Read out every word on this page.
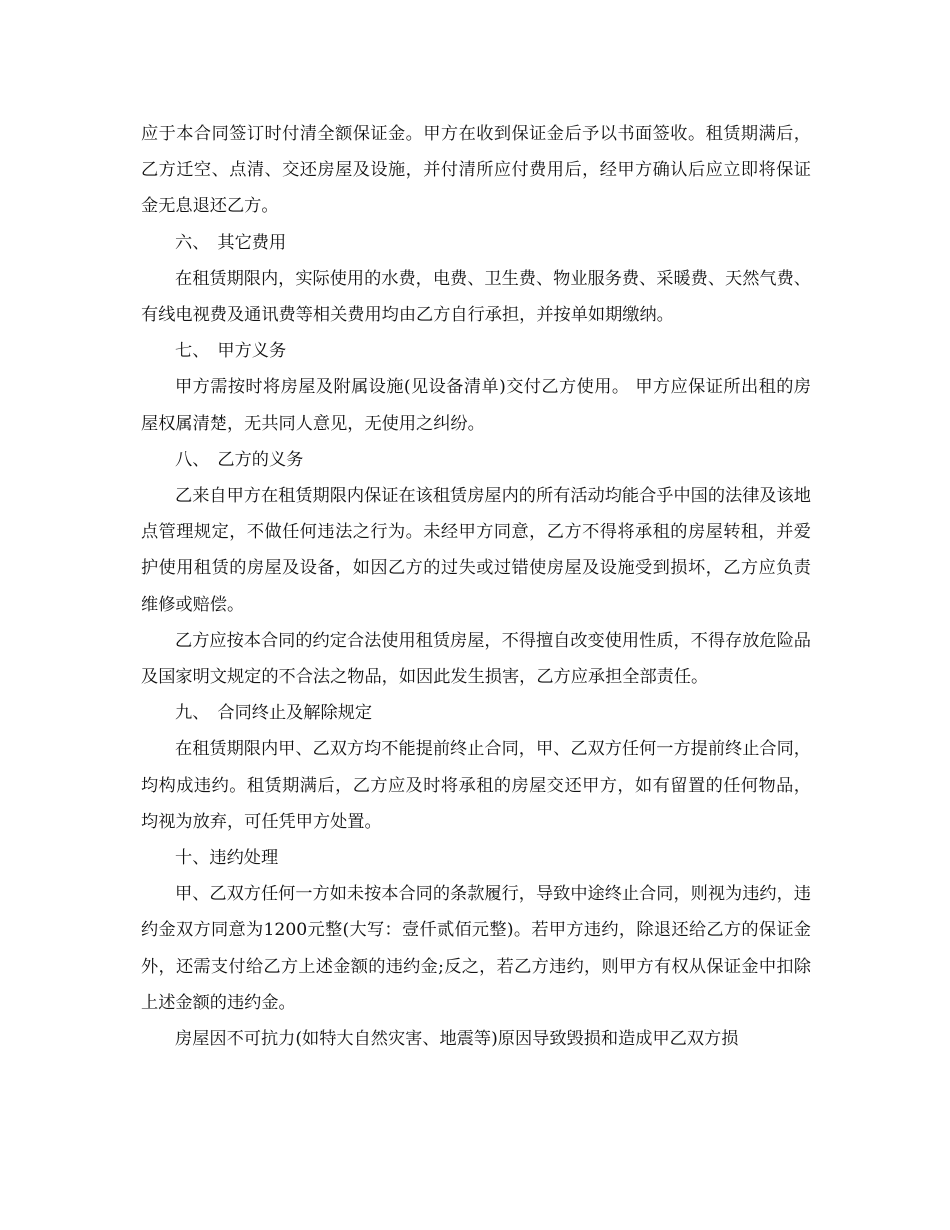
应于本合同签订时付清全额保证金。甲方在收到保证金后予以书面签收。租赁期满后，乙方迁空、点清、交还房屋及设施，并付清所应付费用后，经甲方确认后应立即将保证金无息退还乙方。

六、 其它费用

在租赁期限内，实际使用的水费，电费、卫生费、物业服务费、采暖费、天然气费、有线电视费及通讯费等相关费用均由乙方自行承担，并按单如期缴纳。

七、 甲方义务

甲方需按时将房屋及附属设施(见设备清单)交付乙方使用。 甲方应保证所出租的房屋权属清楚，无共同人意见，无使用之纠纷。

八、 乙方的义务

乙来自甲方在租赁期限内保证在该租赁房屋内的所有活动均能合乎中国的法律及该地点管理规定，不做任何违法之行为。未经甲方同意，乙方不得将承租的房屋转租，并爱护使用租赁的房屋及设备，如因乙方的过失或过错使房屋及设施受到损坏，乙方应负责维修或赔偿。

乙方应按本合同的约定合法使用租赁房屋，不得擅自改变使用性质，不得存放危险品及国家明文规定的不合法之物品，如因此发生损害，乙方应承担全部责任。

九、 合同终止及解除规定

在租赁期限内甲、乙双方均不能提前终止合同，甲、乙双方任何一方提前终止合同，均构成违约。租赁期满后，乙方应及时将承租的房屋交还甲方，如有留置的任何物品，均视为放弃，可任凭甲方处置。

十、违约处理

甲、乙双方任何一方如未按本合同的条款履行，导致中途终止合同，则视为违约，违约金双方同意为1200元整(大写：壹仟贰佰元整)。若甲方违约，除退还给乙方的保证金外，还需支付给乙方上述金额的违约金;反之，若乙方违约，则甲方有权从保证金中扣除上述金额的违约金。

房屋因不可抗力(如特大自然灾害、地震等)原因导致毁损和造成甲乙双方损
